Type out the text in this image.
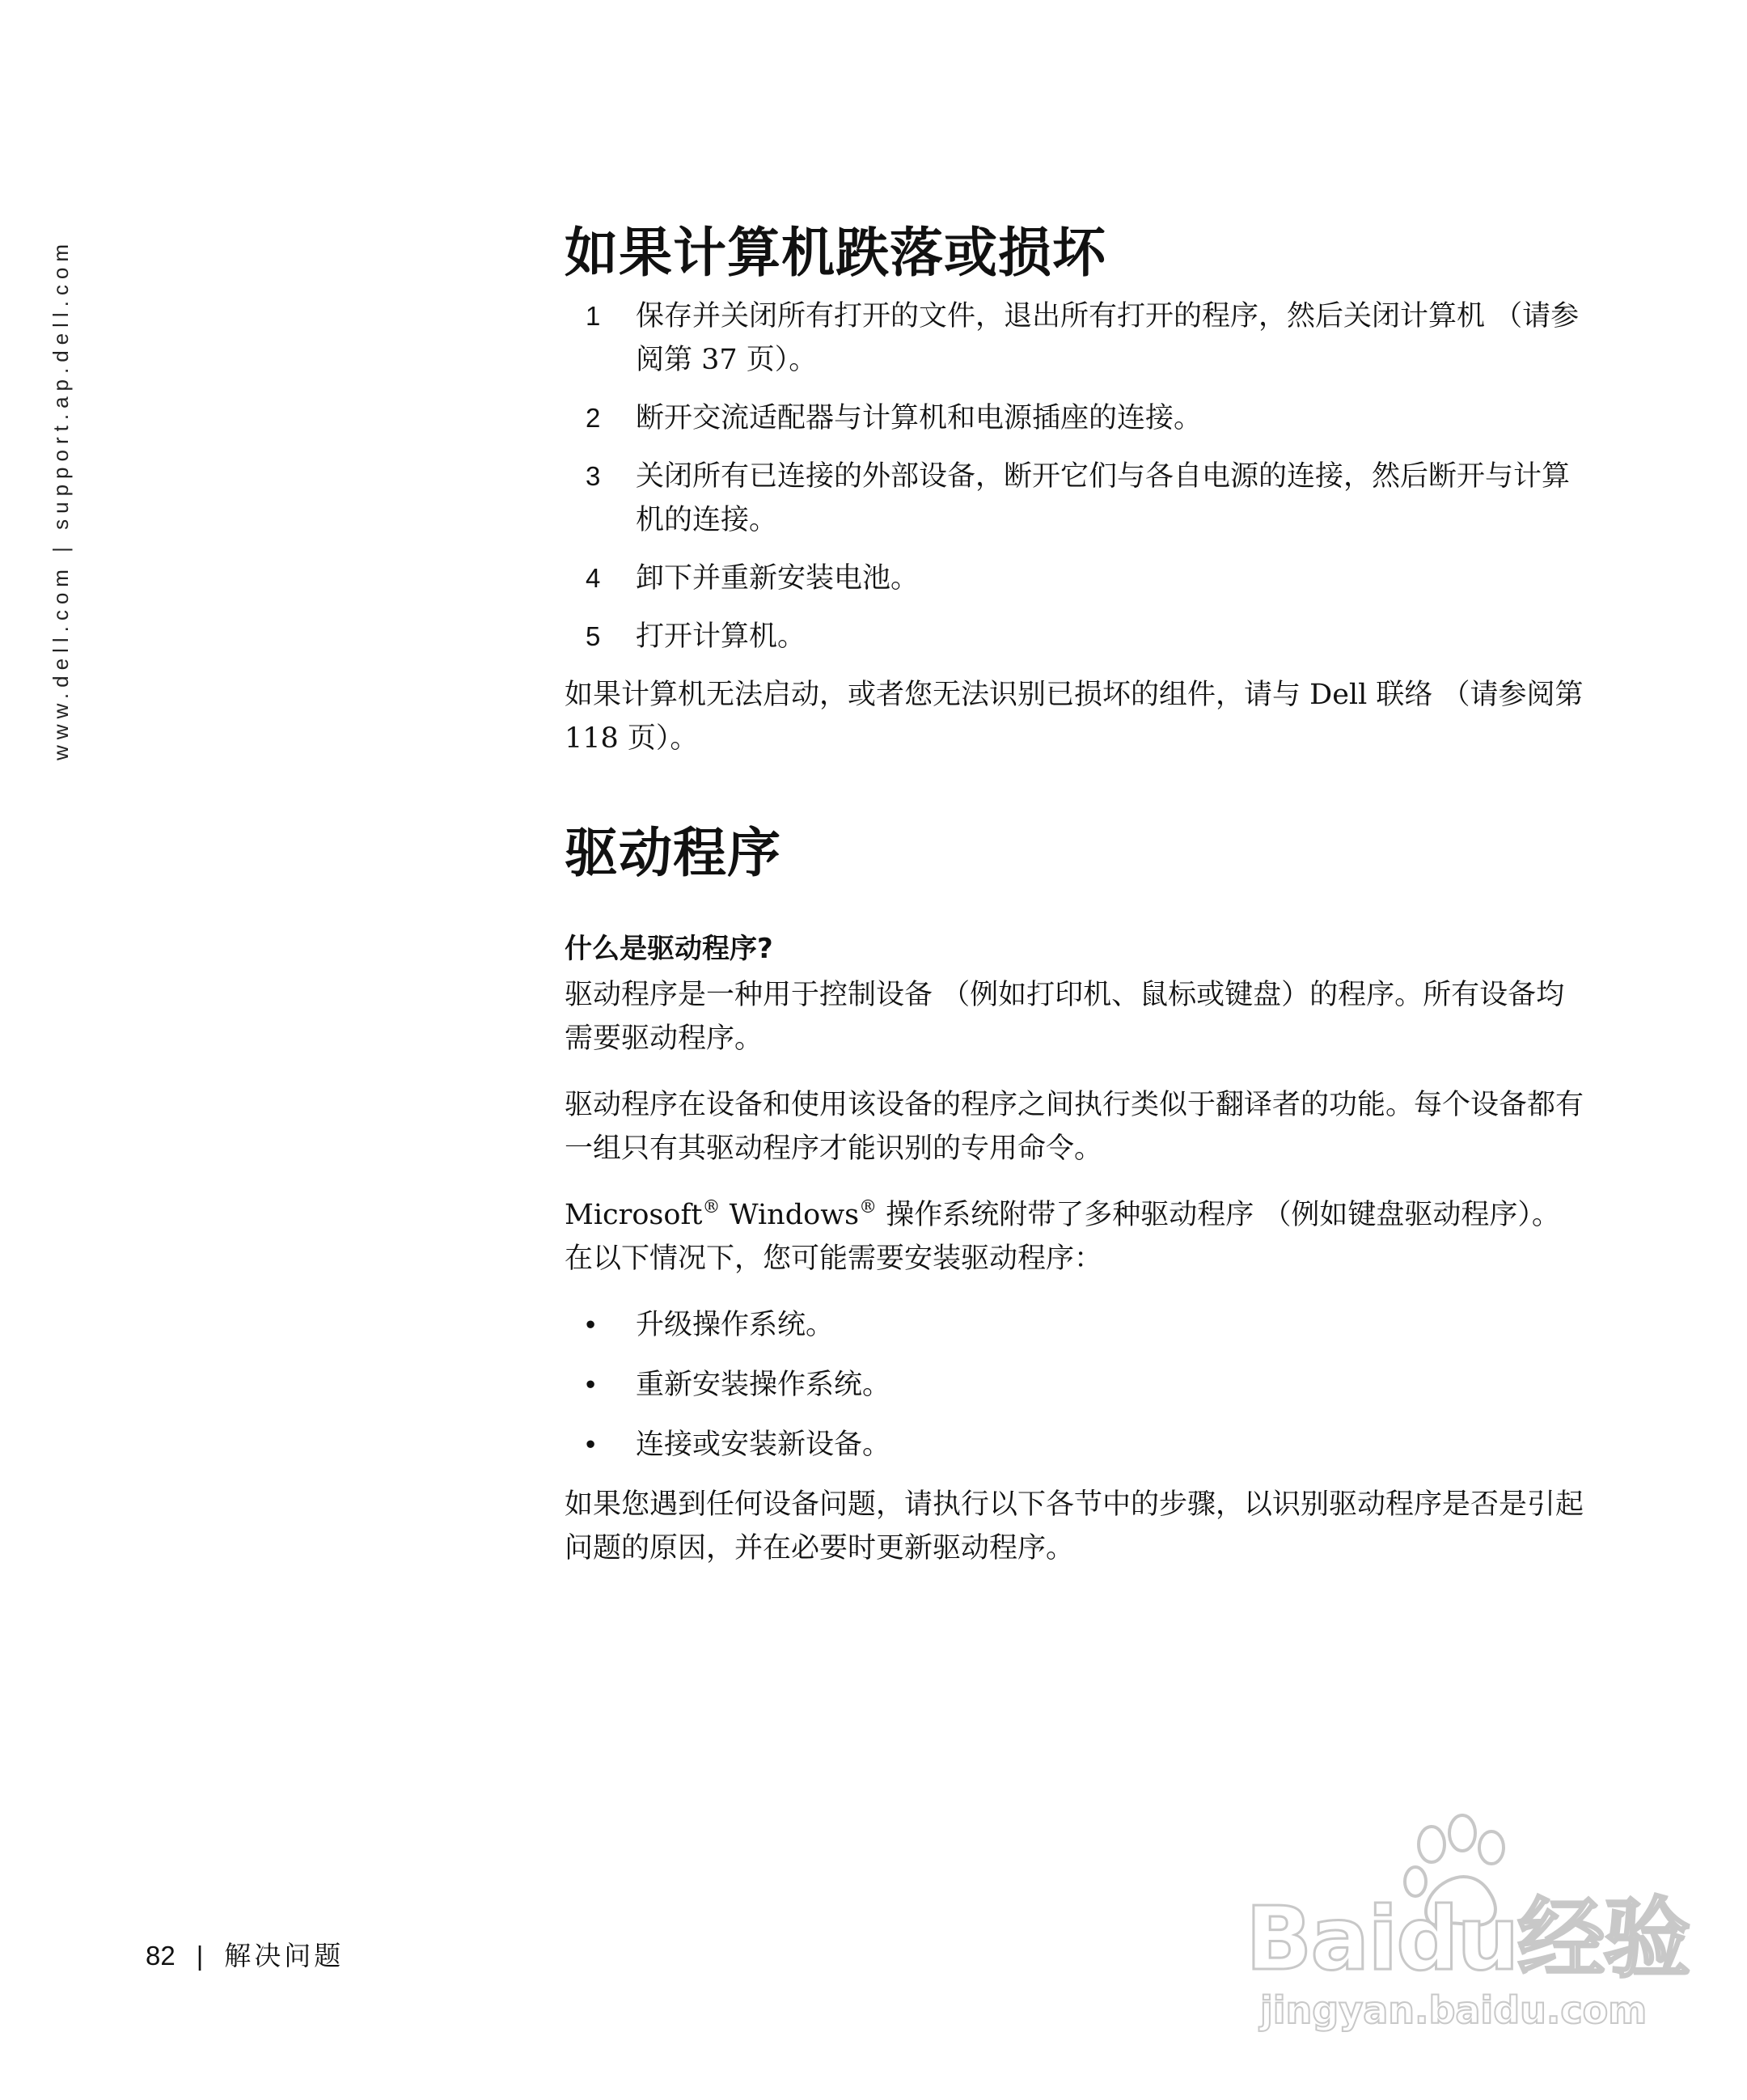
www.dell.com | support.ap.dell.com	如果计算机跌落或损坏
1 保存并关闭所有打开的文件，退出所有打开的程序，然后关闭计算机 （请参阅第 37 页）。
2 断开交流适配器与计算机和电源插座的连接。
3 关闭所有已连接的外部设备，断开它们与各自电源的连接，然后断开与计算机的连接。
4 卸下并重新安装电池。
5 打开计算机。

如果计算机无法启动，或者您无法识别已损坏的组件，请与 Dell 联络 （请参阅第 118 页）。

驱动程序
什么是驱动程序?

驱动程序是一种用于控制设备 （例如打印机、鼠标或键盘）的程序。所有设备均需要驱动程序。

驱动程序在设备和使用该设备的程序之间执行类似于翻译者的功能。每个设备都有一组只有其驱动程序才能识别的专用命令。

Microsoft® Windows® 操作系统附带了多种驱动程序 （例如键盘驱动程序）。在以下情况下，您可能需要安装驱动程序：

• 升级操作系统。
• 重新安装操作系统。
• 连接或安装新设备。

如果您遇到任何设备问题，请执行以下各节中的步骤，以识别驱动程序是否是引起问题的原因，并在必要时更新驱动程序。

82 | 解决问题	Baidu经验
jingyan.baidu.com
